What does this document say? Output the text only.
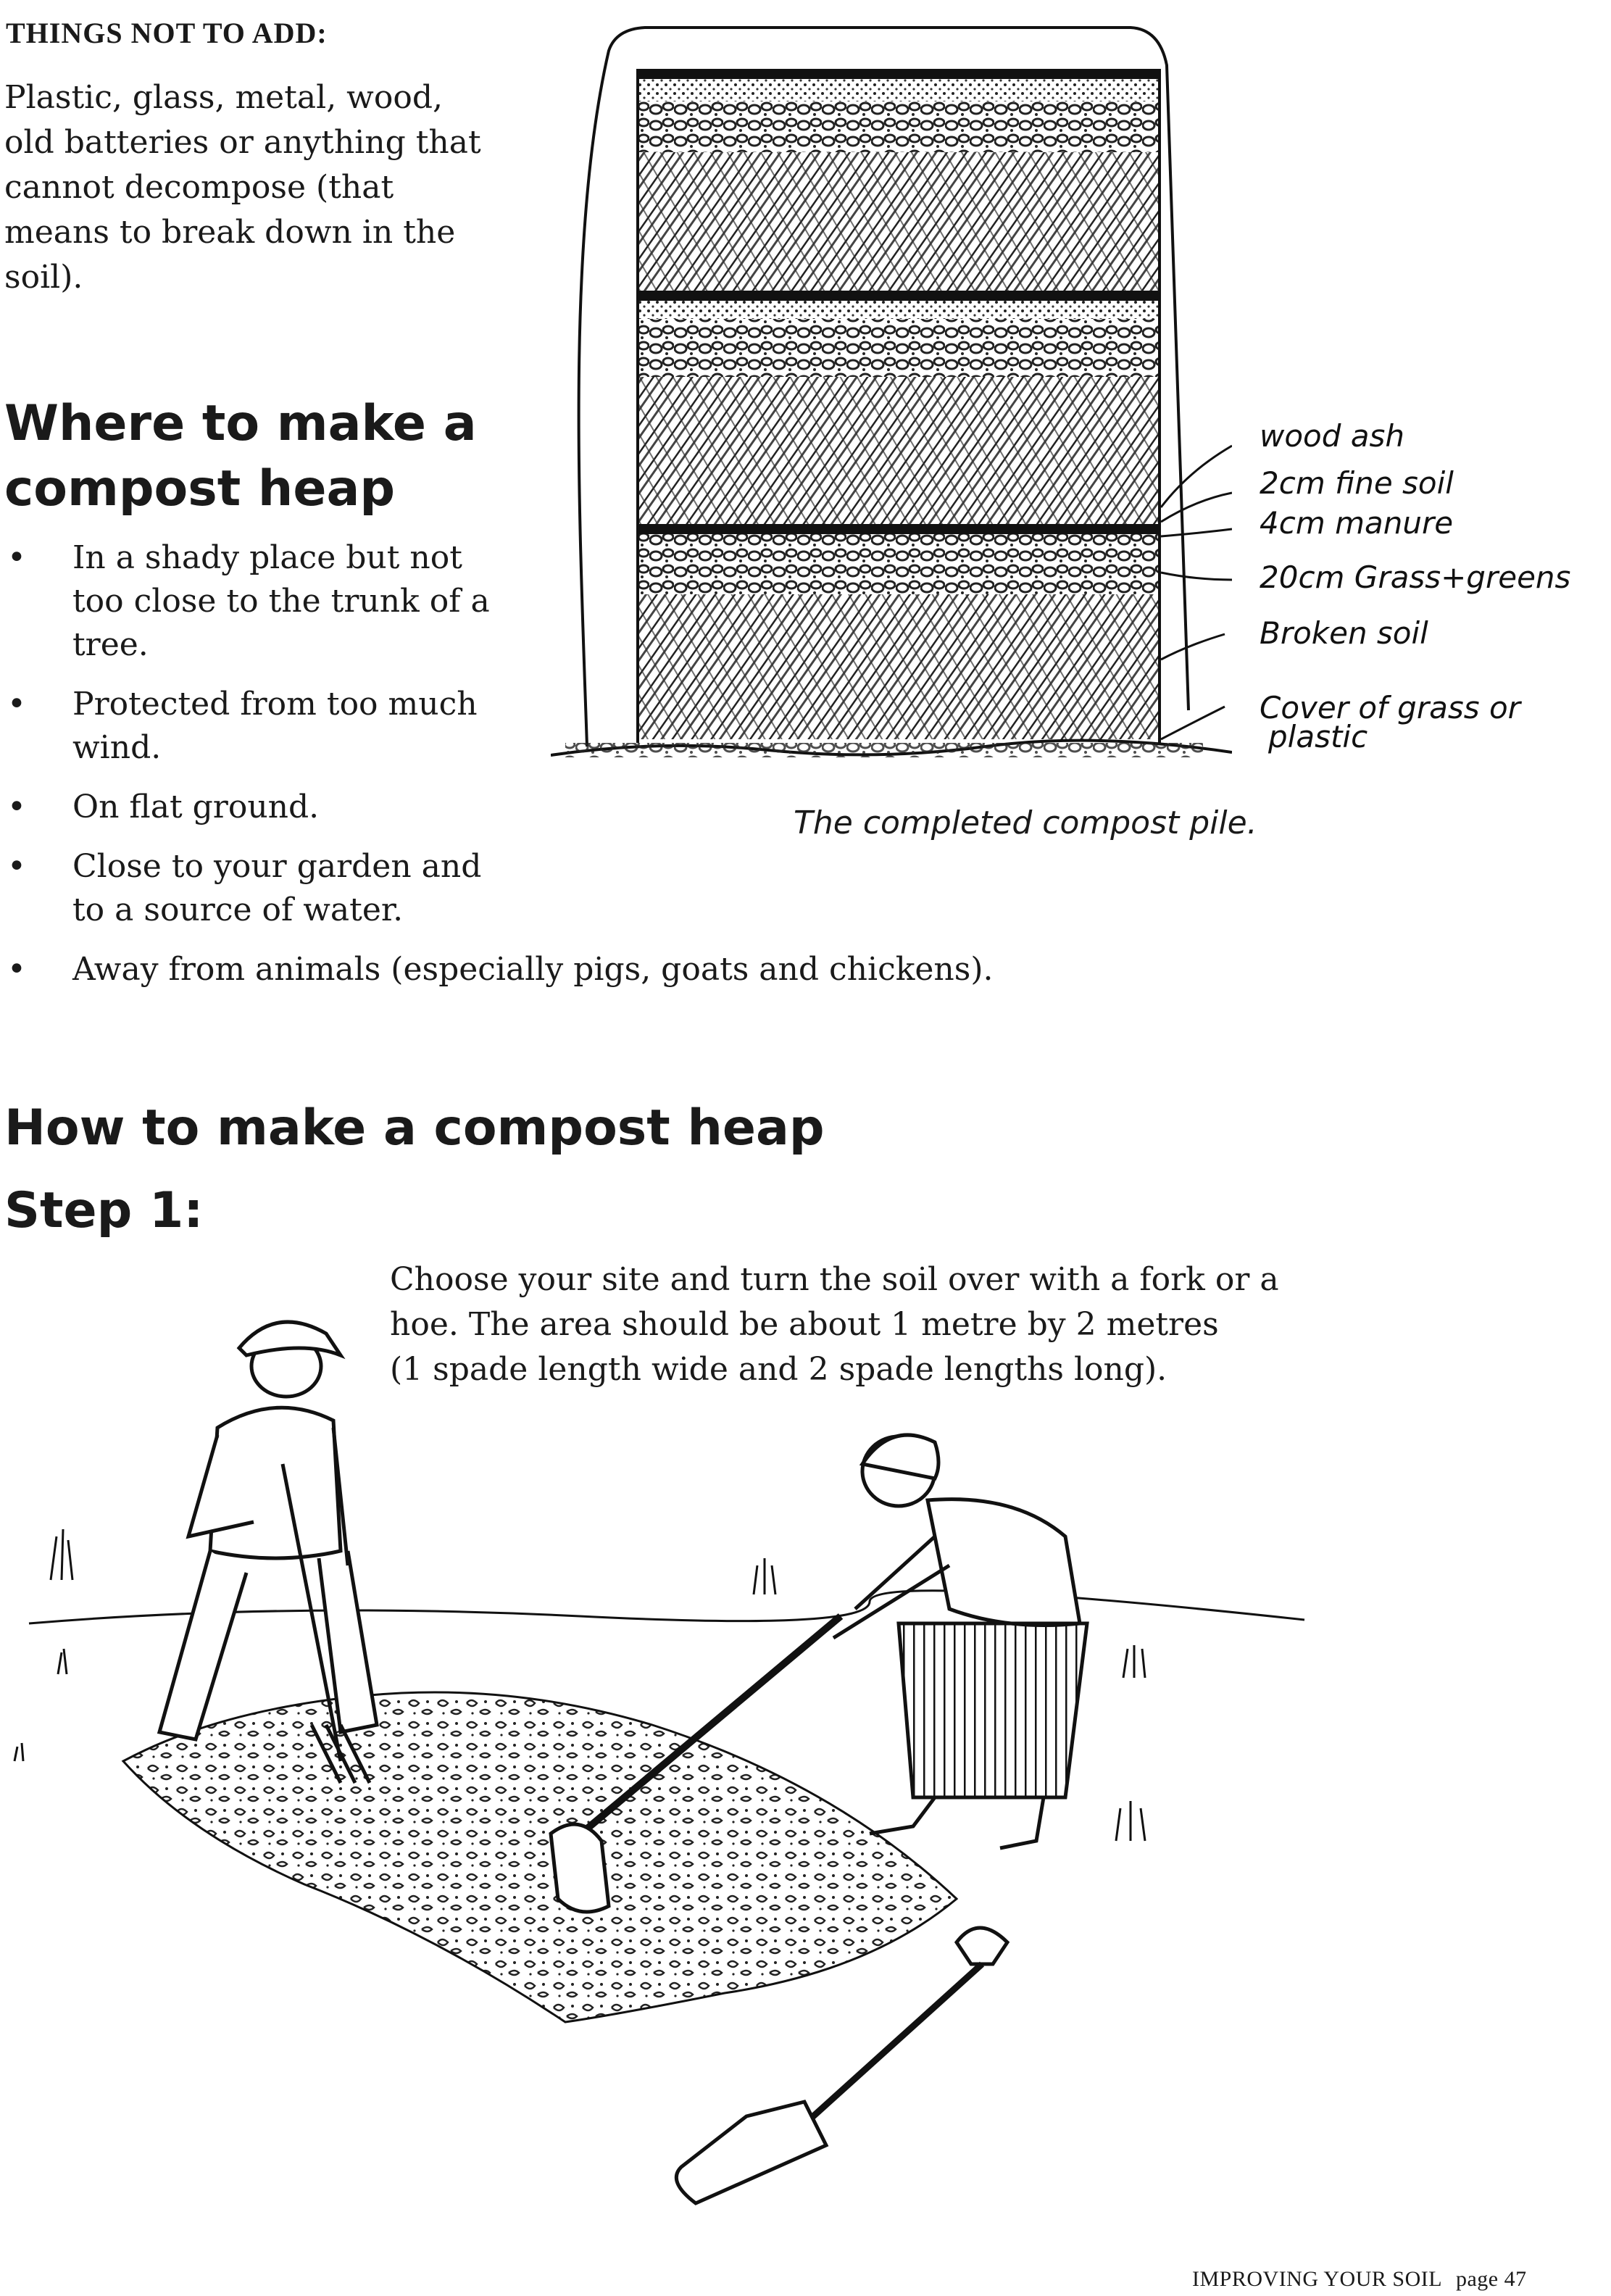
THINGS NOT TO ADD:
Plastic, glass, metal, wood,
old batteries or anything that
cannot decompose (that
means to break down in the
soil).
Where to make a
compost heap
• In a shady place but not
too close to the trunk of a
tree.
• Protected from too much
wind.
• On flat ground.
• Close to your garden and
to a source of water.
• Away from animals (especially pigs, goats and chickens).
wood ash
2cm fine soil
4cm manure
20cm Grass+greens
Broken soil
Cover of grass or
plastic
The completed compost pile.
How to make a compost heap
Step 1:
Choose your site and turn the soil over with a fork or a
hoe. The area should be about 1 metre by 2 metres
(1 spade length wide and 2 spade lengths long).
IMPROVING YOUR SOIL page 47
